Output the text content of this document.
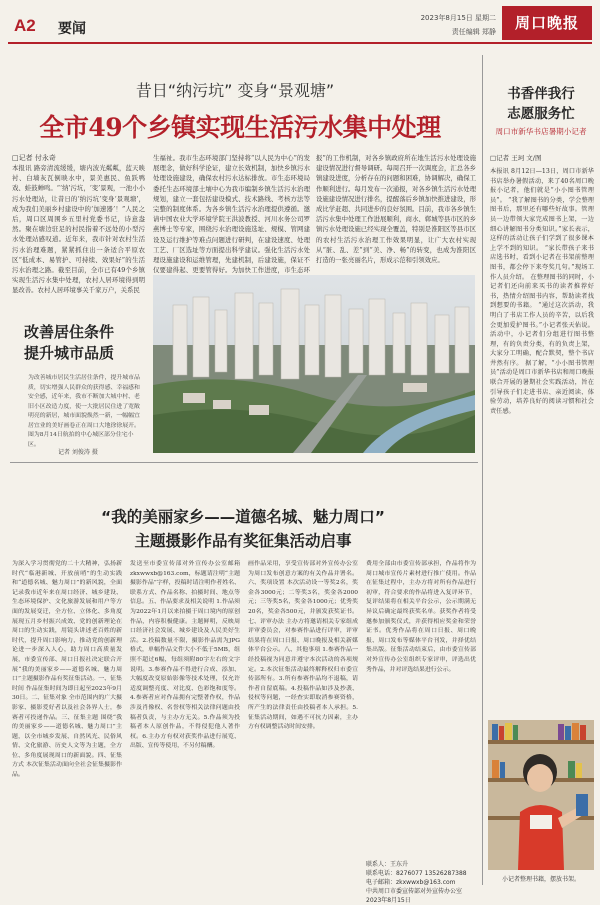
A2 要闻
2023年8月15日 星期二
责任编辑 郑静	周口晚报
昔日“纳污坑” 变身“景观塘”
全市49个乡镇实现生活污水集中处理
□记者 付永奇
本报讯 路旁清流缓缓，塘内波光粼粼，蓝天映衬、白墙灰瓦倒映水中，景美惠民、鱼跃鸭戏、蛙鼓蝉鸣。“‘纳’污坑，‘变’景观，一池小小污水处理站，让昔日的‘纳污坑’变身‘景观塘’，成为我们美丽乡村建设中的‘加速器’！”人民之后，周口区周围乡五里村党委书记，诗意盎然。聚在塘边驻足的村民指着不远处的小型污水处理站感叹道。近年来，我市针对农村生活污水治理难题，紧紧抓住出一条适合平原农区“低成本、易管护、可持续、效果好”的生活污水治理之路。截至目前，全市已有49个乡镇实现生活污水集中处理，农村人居环境得到明显改善。农村人居环境事关千家万户，关系民
生福祉。我市生态环境部门坚持将“以人民为中心”的发展理念，做好科学论证，建立长效机制，加快乡镇污水处理设施建设，确保农村污水达标排放。市生态环境局委托生态环境部土壤中心为我市编制乡镇生活污水治理规划，建立一套包括建设模式、技术路线、考核方法等完整的制度体系。为各乡镇生活污水治理提供遵循。邀请中国农业大学环境学院王洪波教授、河川水务公司罗燕博士等专家，围绕污水治理设施选址、规模、管网建设及运行维护等难点问题进行研判，在建设速度、处理工艺、厂区选址等方面提出科学建议。强化生活污水处理设施建设和运维管理，先建机制，后建设施，保证不仅要建得起、更要管得好。为加快工作进度，市生态环
报”的工作机制，对各乡镇政府所在地生活污水处理设施建设情况进行督导调研。每周召开一次调度会，汇总各乡镇建设进度，分析存在的问题和困难，协调解决，确保工作顺利进行。每月发布一次通报，对各乡镇生活污水处理设施建设情况进行排名，提醒落后乡镇加快推进建设，形成比学赶超、共同进步的良好氛围。目前，我市各乡镇生活污水集中处理工作进展顺利，商水、郸城等县市区的乡镇污水处理设施已经实现全覆盖，特别是淮阳区等县市区的农村生活污水治理工作效果明显，让广大农村实现从“脏、乱、差”到“美、净、畅”的转变，也成为淮阳区打造的一张亮丽名片，形成示范和引领效应。
改善居住条件
提升城市品质
为改善城市居民生活居住条件，提升城市品质，切实增强人民群众的获得感、幸福感和安全感，近年来，我市不断加大城中村、老旧小区改造力度，使一大批居民住进了宽敞明亮的新居，城市面貌焕然一新，一幅幅宜居宜业的美好画卷正在周口大地徐徐展开。图为8月14日航拍的中心城区部分住宅小区。
记者 刘俊涛 摄
“我的美丽家乡——道德名城、魅力周口”
主题摄影作品有奖征集活动启事
为深入学习贯彻党的二十大精神，弘扬新时代“临港新城、开放前哨”的生动实践和“道德名城、魅力周口”的新风貌，全面记录我市近年来在周口经济、城乡建设、生态环境保护、文化旅游发展和用户等方面的发展变迁，全方位、立体化、多角度展现五月乡村振兴成效、党的创新理论在周口的生动实践，用镜头讲述老百姓的新时代，提升周口影响力，推动党的创新理论进一步深入人心，助力周口高质量发展，市委宣传部、周口日报社决定联合开展“我的美丽家乡——道德名城、魅力周口”主题摄影作品有奖征集活动。一、征集时间 作品征集时间为即日起至2023年9月30日。二、征集对象 全市范围内的广大摄影家、摄影爱好者以及社会各界人士，参赛者可投递作品。三、征集主题 围绕“我的美丽家乡——道德名城、魅力周口”主题，以全市城乡发展、自然风光、民俗风情、文化旅游、历史人文等为主题，全方位、多角度展现周口的新面貌。四、征集方式 本次征集活动面向全社会征集摄影作品。
发送至市委宣传部对外宣传办公室邮箱zkxwwxb@163.com，标题请注明“主题摄影作品”字样，投稿时请注明作者姓名、联系方式、作品名称、拍摄时间、地点等信息。五、作品要求及相关说明 1.作品须为2022年1月以来拍摄于周口境内的原创作品，内容积极健康。主题鲜明，反映周口经济社会发展、城乡建设及人民美好生活。2.投稿数量不限，摄影作品需为JPG格式，单幅作品文件大小不低于5MB，组照不超过6幅，每组须附80字左右的文字说明。3.参赛作品不得进行合成、添加、大幅度改变原始影像等技术处理，仅允许适度调整亮度、对比度、色彩饱和度等。4.参赛者应对作品拥有完整著作权，作品涉及肖像权、名誉权等相关法律问题由投稿者负责，与主办方无关。5.作品须为投稿者本人原创作品，不得侵犯他人著作权。6.主办方有权对获奖作品进行展览、出版、宣传等使用，不另付稿酬。
画作品采用，享受宣传部对外宣传办公室为周口发布创意方案的有关作品并署名。六、奖项设置 本次活动设一等奖2名，奖金各3000元；二等奖3名，奖金各2000元；三等奖5名，奖金各1000元；优秀奖20名，奖金各500元，并颁发获奖证书。七、评审办法 主办方将邀请相关专家组成评审委员会，对参赛作品进行评审，评审结果将在周口日报、周口晚报及相关新媒体平台公示。八、其他事项 1.参赛作品一经投稿视为同意并遵守本次活动的各项规定。2.本次征集活动最终解释权归市委宣传部所有。3.所有参赛作品均不退稿，请作者自留底稿。4.投稿作品如涉及抄袭、侵权等问题，一经查实即取消参赛资格，所产生的法律责任由投稿者本人承担。5.征集活动期间，如遇不可抗力因素，主办方有权调整活动时间安排。
费用全部由市委宣传部承担，作品将作为周口城市宣传片素材进行推广使用。作品在征集过程中，主办方将对所有作品进行初审，符合要求的作品将进入复评环节，复评结果将在相关平台公示，公示期满无异议后确定最终获奖名单。获奖作者将受邀参加颁奖仪式，并获得相应奖金和荣誉证书。优秀作品将在周口日报、周口晚报、周口发布等媒体平台刊发，并择优结集出版。征集活动结束后，由市委宣传部对外宣传办公室组织专家评审，评选出优秀作品，并对评选结果进行公示。
联系人：王东升
联系电话：8276077 13526287388
电子邮箱：zkxwwxb@163.com
中共周口市委宣传部对外宣传办公室
2023年8月15日
书香伴我行
志愿服务忙
周口市新华书店暑期小记者
□记者 王珂 文/图
本报讯 8月12日—13日，周口市新华书店举办暑假活动，来了40名周口晚报小记者，他们就是“小小图书管理员”。 “我了解图书的分类，学会整理图书后，那里还有哪些好故事。管理员一边带领大家完成图书上架，一边细心讲解图书分类知识。”家长表示，这样的活动让孩子们学到了很多课本上学不到的知识。 “家长带孩子来书店选书时，看到小记者在书架前整理图书，都会停下来夸奖几句。”现场工作人员介绍。 在整理图书的同时，小记者们还向前来买书的读者推荐好书，热情介绍图书内容，帮助读者找到想要的书籍。 “通过这次活动，我明白了书店工作人员的辛苦，以后我会更加爱护图书。”小记者张天佑说。 活动中，小记者们分组进行图书整理，有的负责分类，有的负责上架，大家分工明确，配合默契，整个书店井然有序。 据了解，“小小图书管理员”活动是周口市新华书店和周口晚报联合开展的暑期社会实践活动，旨在引导孩子们走进书店、亲近阅读、体验劳动，培养良好的阅读习惯和社会责任感。
小记者整理书籍，摆放书架。
